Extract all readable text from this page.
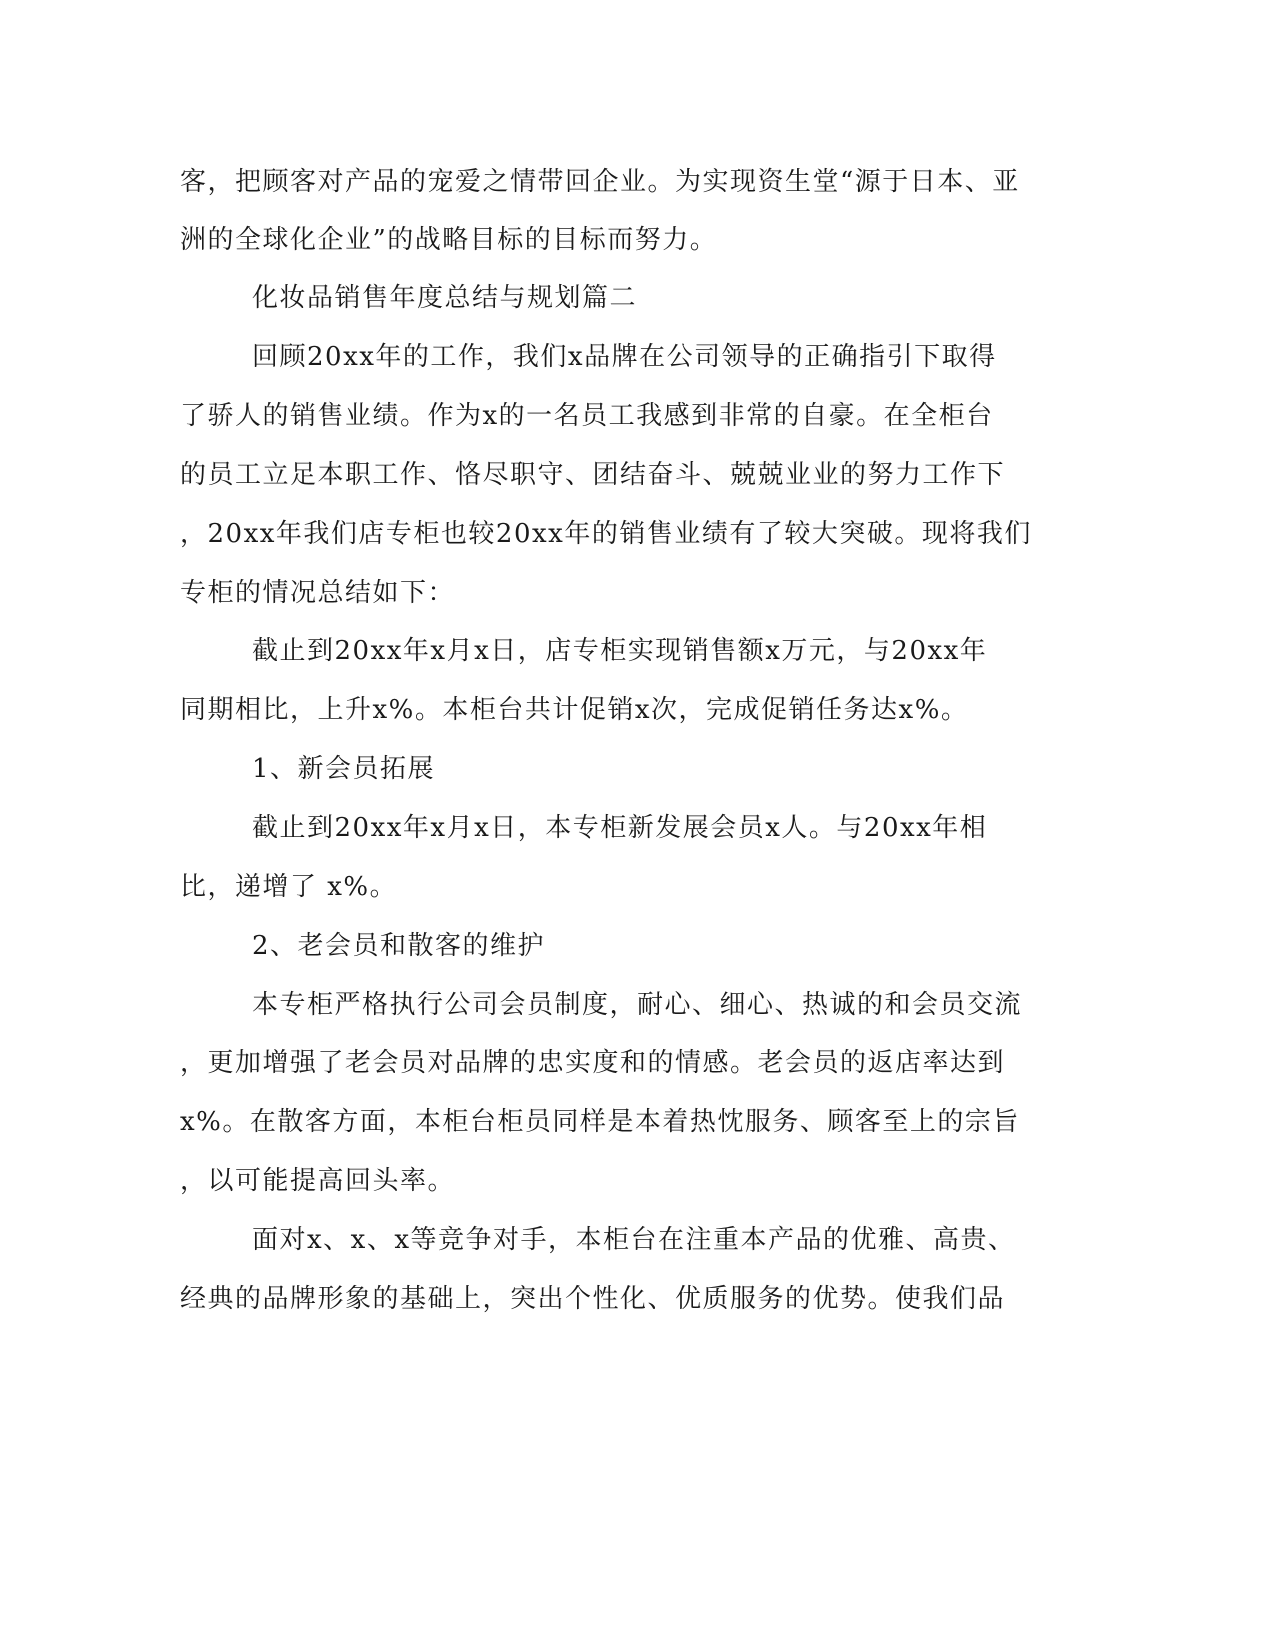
客，把顾客对产品的宠爱之情带回企业。为实现资生堂“源于日本、亚
洲的全球化企业”的战略目标的目标而努力。
化妆品销售年度总结与规划篇二
回顾20xx年的工作，我们x品牌在公司领导的正确指引下取得
了骄人的销售业绩。作为x的一名员工我感到非常的自豪。在全柜台
的员工立足本职工作、恪尽职守、团结奋斗、兢兢业业的努力工作下
，20xx年我们店专柜也较20xx年的销售业绩有了较大突破。现将我们
专柜的情况总结如下：
截止到20xx年x月x日，店专柜实现销售额x万元，与20xx年
同期相比，上升x%。本柜台共计促销x次，完成促销任务达x%。
1、新会员拓展
截止到20xx年x月x日，本专柜新发展会员x人。与20xx年相
比，递增了 x%。
2、老会员和散客的维护
本专柜严格执行公司会员制度，耐心、细心、热诚的和会员交流
，更加增强了老会员对品牌的忠实度和的情感。老会员的返店率达到
x%。在散客方面，本柜台柜员同样是本着热忱服务、顾客至上的宗旨
，以可能提高回头率。
面对x、x、x等竞争对手，本柜台在注重本产品的优雅、高贵、
经典的品牌形象的基础上，突出个性化、优质服务的优势。使我们品
